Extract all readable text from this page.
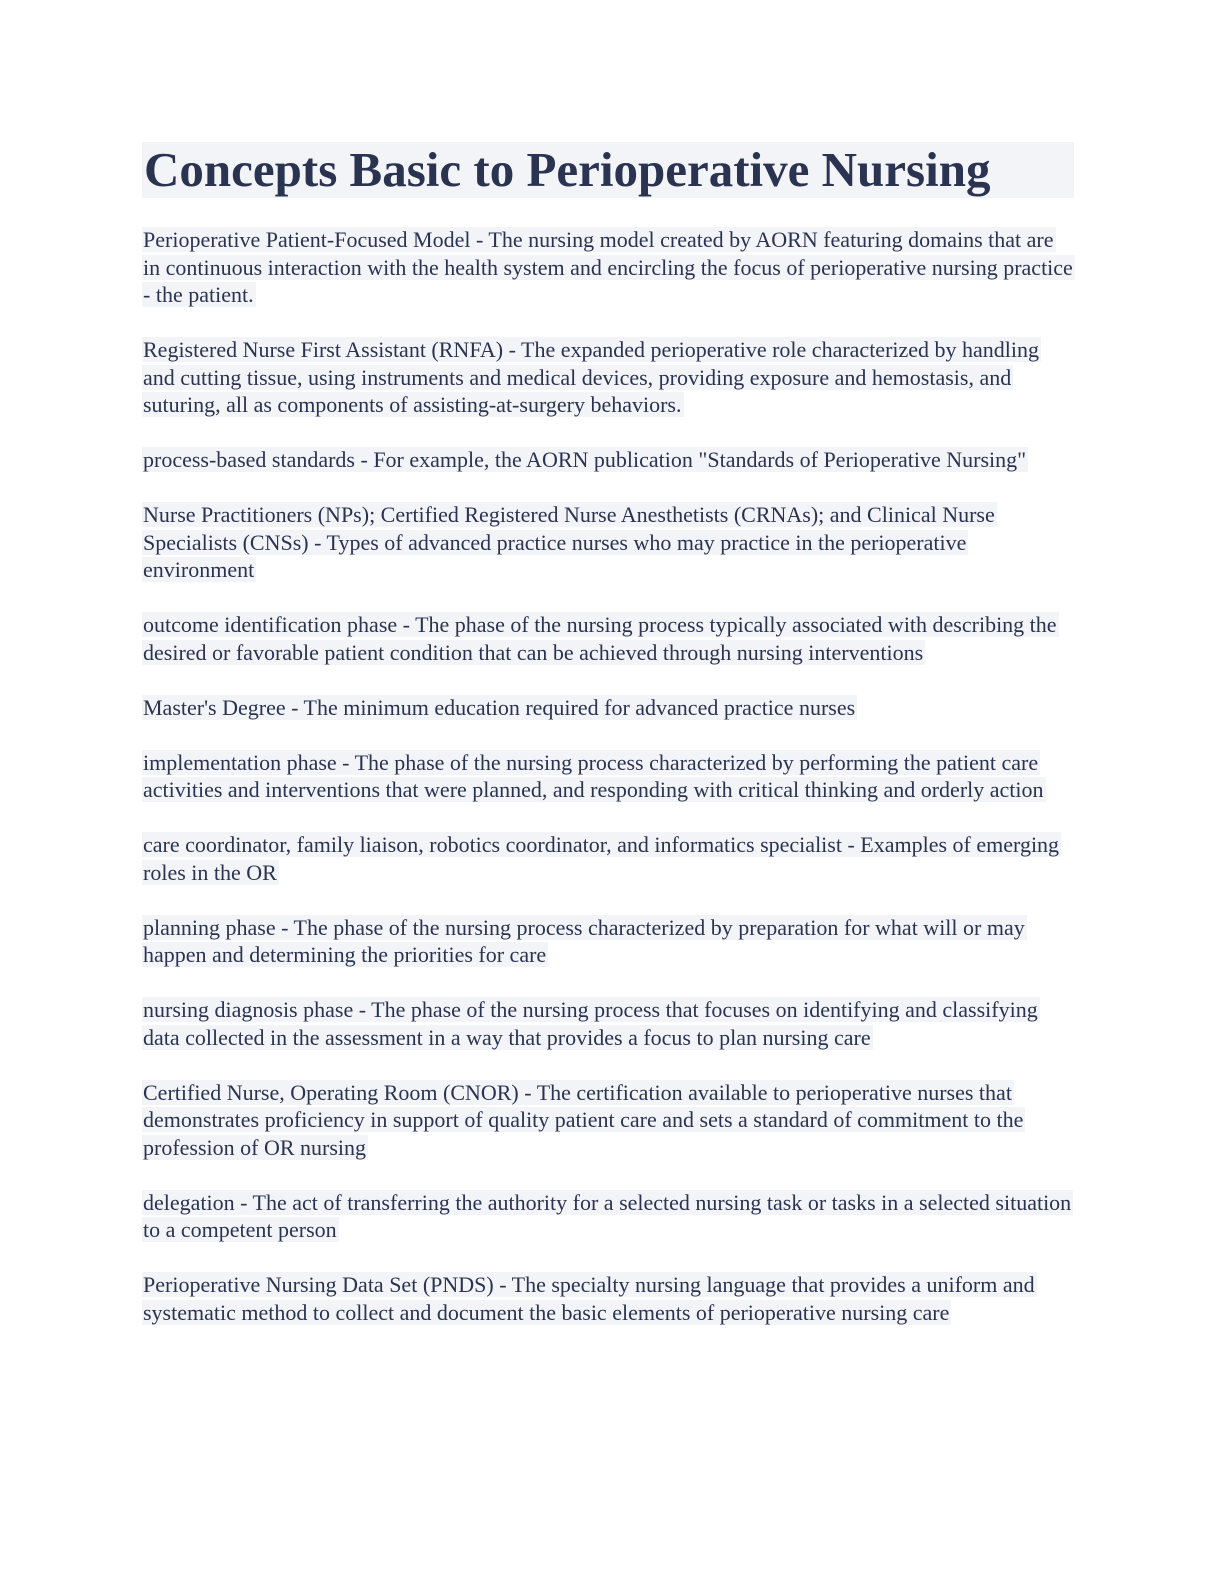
Concepts Basic to Perioperative Nursing

Perioperative Patient-Focused Model - The nursing model created by AORN featuring domains that are in continuous interaction with the health system and encircling the focus of perioperative nursing practice - the patient.

Registered Nurse First Assistant (RNFA) - The expanded perioperative role characterized by handling and cutting tissue, using instruments and medical devices, providing exposure and hemostasis, and suturing, all as components of assisting-at-surgery behaviors.

process-based standards - For example, the AORN publication "Standards of Perioperative Nursing"

Nurse Practitioners (NPs); Certified Registered Nurse Anesthetists (CRNAs); and Clinical Nurse Specialists (CNSs) - Types of advanced practice nurses who may practice in the perioperative environment

outcome identification phase - The phase of the nursing process typically associated with describing the desired or favorable patient condition that can be achieved through nursing interventions

Master's Degree - The minimum education required for advanced practice nurses

implementation phase - The phase of the nursing process characterized by performing the patient care activities and interventions that were planned, and responding with critical thinking and orderly action

care coordinator, family liaison, robotics coordinator, and informatics specialist - Examples of emerging roles in the OR

planning phase - The phase of the nursing process characterized by preparation for what will or may happen and determining the priorities for care

nursing diagnosis phase - The phase of the nursing process that focuses on identifying and classifying data collected in the assessment in a way that provides a focus to plan nursing care

Certified Nurse, Operating Room (CNOR) - The certification available to perioperative nurses that demonstrates proficiency in support of quality patient care and sets a standard of commitment to the profession of OR nursing

delegation - The act of transferring the authority for a selected nursing task or tasks in a selected situation to a competent person

Perioperative Nursing Data Set (PNDS) - The specialty nursing language that provides a uniform and systematic method to collect and document the basic elements of perioperative nursing care
